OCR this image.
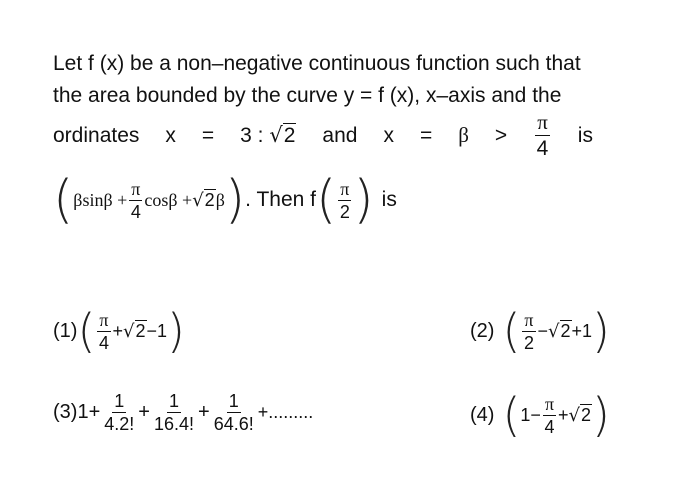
Let f (x) be a non–negative continuous function such that
the area bounded by the curve y = f (x), x–axis and the
ordinates x = 3 : √2 and $x = \beta > \frac{\pi}{4}$ is
( $\beta\sin\beta + \frac{\pi}{4}$ cosβ + √2 β ) . Then f ( $\frac{\pi}{2}$ ) is
(1) ( $\frac{\pi}{4} + √2 -1$ )	(2) ( $\frac{\pi}{2} - √2 +1$ )
(3) $1+ \frac{1}{4.2!} + \frac{1}{16.4!} + \frac{1}{64.6!}$ +.........	(4) ( $1- \frac{\pi}{4} + √2$ )
